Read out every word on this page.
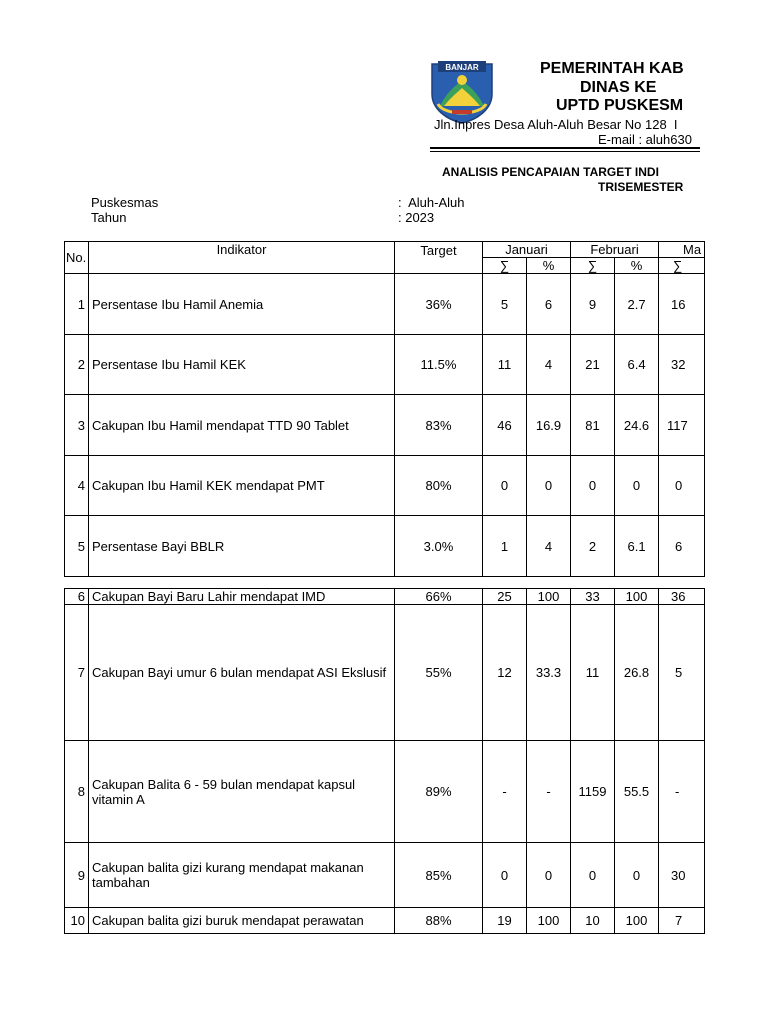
BANJAR	PEMERINTAH KAB
DINAS KE
UPTD PUSKESM
Jln.Inpres Desa Aluh-Aluh Besar No 128  I
E-mail : aluh630
ANALISIS PENCAPAIAN TARGET INDI
TRISEMESTER
Puskesmas	:  Aluh-Aluh
Tahun	: 2023
No.	Indikator	Target	Januari		Februari		Ma
			∑	%	∑	%	∑
1	Persentase Ibu Hamil Anemia	36%	5	6	9	2.7	16
2	Persentase Ibu Hamil KEK	11.5%	11	4	21	6.4	32
3	Cakupan Ibu Hamil mendapat TTD 90 Tablet	83%	46	16.9	81	24.6	117
4	Cakupan Ibu Hamil KEK mendapat PMT	80%	0	0	0	0	0
5	Persentase Bayi BBLR	3.0%	1	4	2	6.1	6
6	Cakupan Bayi Baru Lahir mendapat IMD	66%	25	100	33	100	36
7	Cakupan Bayi umur 6 bulan mendapat ASI Ekslusif	55%	12	33.3	11	26.8	5
8	Cakupan Balita 6 - 59 bulan mendapat kapsul vitamin A	89%	-	-	1159	55.5	-
9	Cakupan balita gizi kurang mendapat makanan tambahan	85%	0	0	0	0	30
10	Cakupan balita gizi buruk mendapat perawatan	88%	19	100	10	100	7
